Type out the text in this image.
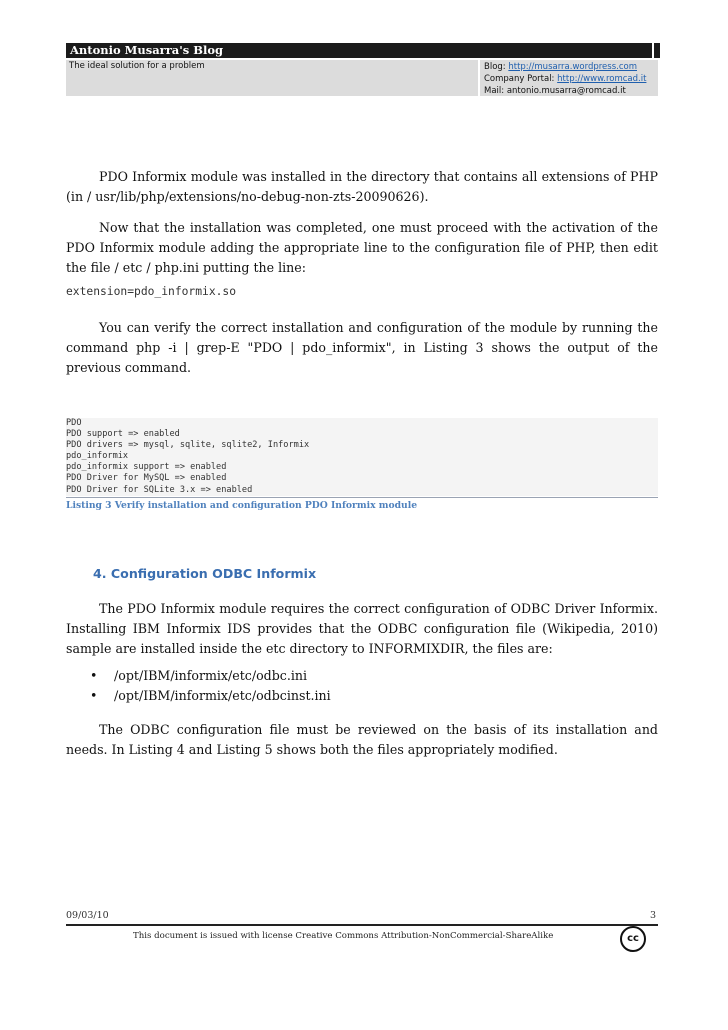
Antonio Musarra's Blog
The ideal solution for a problem	Blog: http://musarra.wordpress.com
Company Portal: http://www.romcad.it
Mail: antonio.musarra@romcad.it
PDO Informix module was installed in the directory that contains all extensions of PHP (in / usr/lib/php/extensions/no-debug-non-zts-20090626).
Now that the installation was completed, one must proceed with the activation of the PDO Informix module adding the appropriate line to the configuration file of PHP, then edit the file / etc / php.ini putting the line:
extension=pdo_informix.so
You can verify the correct installation and configuration of the module by running the command php -i | grep-E "PDO | pdo_informix", in Listing 3 shows the output of the previous command.
PDO
PDO support => enabled
PDO drivers => mysql, sqlite, sqlite2, Informix
pdo_informix
pdo_informix support => enabled
PDO Driver for MySQL => enabled
PDO Driver for SQLite 3.x => enabled
Listing 3 Verify installation and configuration PDO Informix module
4. Configuration ODBC Informix
The PDO Informix module requires the correct configuration of ODBC Driver Informix. Installing IBM Informix IDS provides that the ODBC configuration file (Wikipedia, 2010) sample are installed inside the etc directory to INFORMIXDIR, the files are:
• /opt/IBM/informix/etc/odbc.ini
• /opt/IBM/informix/etc/odbcinst.ini
The ODBC configuration file must be reviewed on the basis of its installation and needs. In Listing 4 and Listing 5 shows both the files appropriately modified.
09/03/10	3
This document is issued with license Creative Commons Attribution-NonCommercial-ShareAlike	cc
